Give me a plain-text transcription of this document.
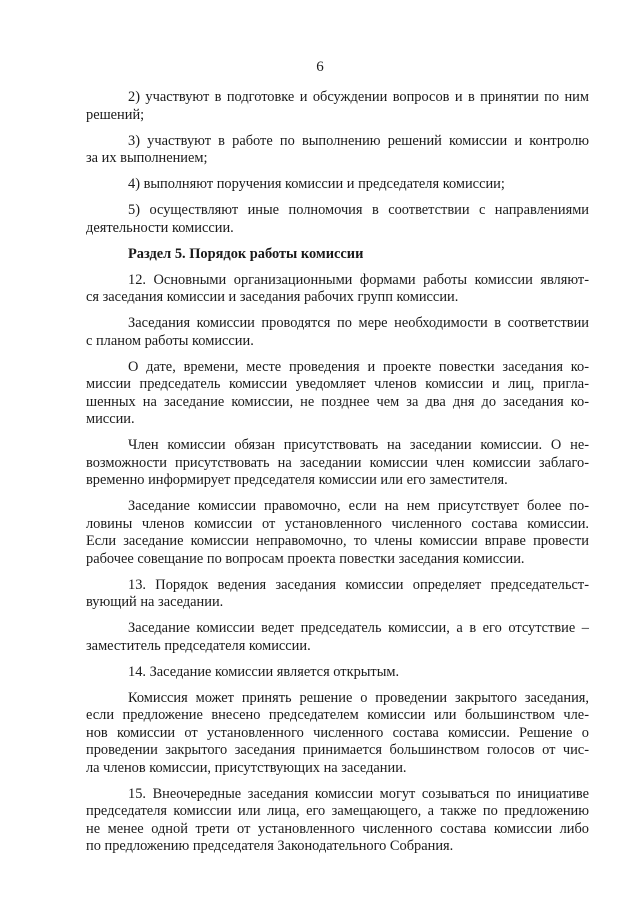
6
2) участвуют в подготовке и обсуждении вопросов и в принятии по ним
решений;
3) участвуют в работе по выполнению решений комиссии и контролю
за их выполнением;
4) выполняют поручения комиссии и председателя комиссии;
5) осуществляют иные полномочия в соответствии с направлениями
деятельности комиссии.
Раздел 5. Порядок работы комиссии
12. Основными организационными формами работы комиссии являют-
ся заседания комиссии и заседания рабочих групп комиссии.
Заседания комиссии проводятся по мере необходимости в соответствии
с планом работы комиссии.
О дате, времени, месте проведения и проекте повестки заседания ко-
миссии председатель комиссии уведомляет членов комиссии и лиц, пригла-
шенных на заседание комиссии, не позднее чем за два дня до заседания ко-
миссии.
Член комиссии обязан присутствовать на заседании комиссии. О не-
возможности присутствовать на заседании комиссии член комиссии заблаго-
временно информирует председателя комиссии или его заместителя.
Заседание комиссии правомочно, если на нем присутствует более по-
ловины членов комиссии от установленного численного состава комиссии.
Если заседание комиссии неправомочно, то члены комиссии вправе провести
рабочее совещание по вопросам проекта повестки заседания комиссии.
13. Порядок ведения заседания комиссии определяет председательст-
вующий на заседании.
Заседание комиссии ведет председатель комиссии, а в его отсутствие –
заместитель председателя комиссии.
14. Заседание комиссии является открытым.
Комиссия может принять решение о проведении закрытого заседания,
если предложение внесено председателем комиссии или большинством чле-
нов комиссии от установленного численного состава комиссии. Решение о
проведении закрытого заседания принимается большинством голосов от чис-
ла членов комиссии, присутствующих на заседании.
15. Внеочередные заседания комиссии могут созываться по инициативе
председателя комиссии или лица, его замещающего, а также по предложению
не менее одной трети от установленного численного состава комиссии либо
по предложению председателя Законодательного Собрания.
